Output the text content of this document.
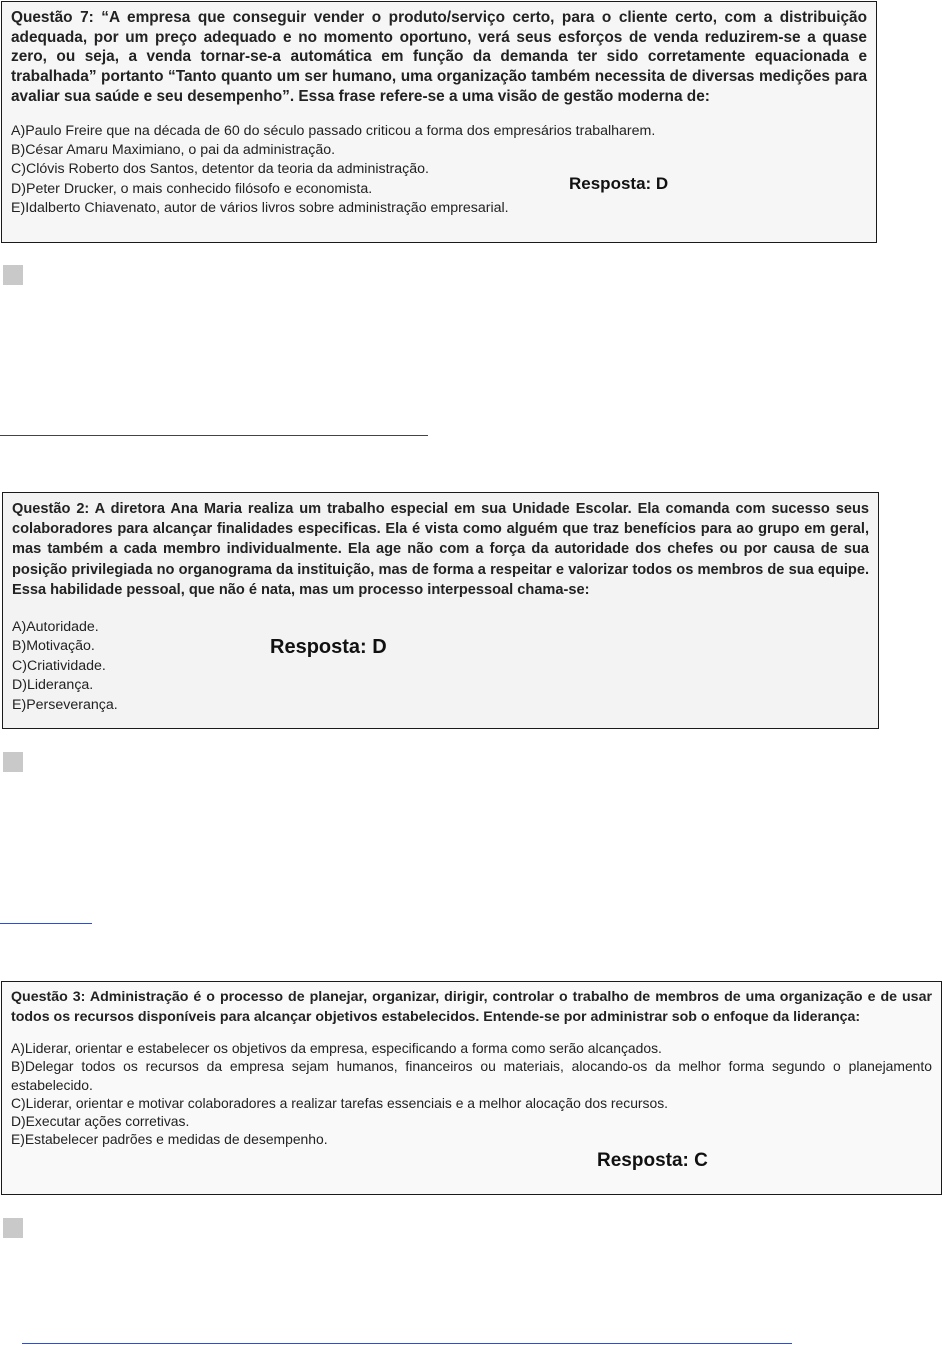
Questão 7: “A empresa que conseguir vender o produto/serviço certo, para o cliente certo, com a distribuição adequada, por um preço adequado e no momento oportuno, verá seus esforços de venda reduzirem-se a quase zero, ou seja, a venda tornar-se-a automática em função da demanda ter sido corretamente equacionada e trabalhada” portanto “Tanto quanto um ser humano, uma organização também necessita de diversas medições para avaliar sua saúde e seu desempenho”. Essa frase refere-se a uma visão de gestão moderna de:

A)Paulo Freire que na década de 60 do século passado criticou a forma dos empresários trabalharem.
B)César Amaru Maximiano, o pai da administração.
C)Clóvis Roberto dos Santos, detentor da teoria da administração.
D)Peter Drucker, o mais conhecido filósofo e economista.
E)Idalberto Chiavenato, autor de vários livros sobre administração empresarial.
Resposta: D

Questão 2: A diretora Ana Maria realiza um trabalho especial em sua Unidade Escolar. Ela comanda com sucesso seus colaboradores para alcançar finalidades especificas. Ela é vista como alguém que traz benefícios para ao grupo em geral, mas também a cada membro individualmente. Ela age não com a força da autoridade dos chefes ou por causa de sua posição privilegiada no organograma da instituição, mas de forma a respeitar e valorizar todos os membros de sua equipe. Essa habilidade pessoal, que não é nata, mas um processo interpessoal chama-se:

A)Autoridade.
B)Motivação.
C)Criatividade.
D)Liderança.
E)Perseverança.
Resposta: D

Questão 3: Administração é o processo de planejar, organizar, dirigir, controlar o trabalho de membros de uma organização e de usar todos os recursos disponíveis para alcançar objetivos estabelecidos. Entende-se por administrar sob o enfoque da liderança:

A)Liderar, orientar e estabelecer os objetivos da empresa, especificando a forma como serão alcançados.
B)Delegar todos os recursos da empresa sejam humanos, financeiros ou materiais, alocando-os da melhor forma segundo o planejamento estabelecido.
C)Liderar, orientar e motivar colaboradores a realizar tarefas essenciais e a melhor alocação dos recursos.
D)Executar ações corretivas.
E)Estabelecer padrões e medidas de desempenho.
Resposta: C
